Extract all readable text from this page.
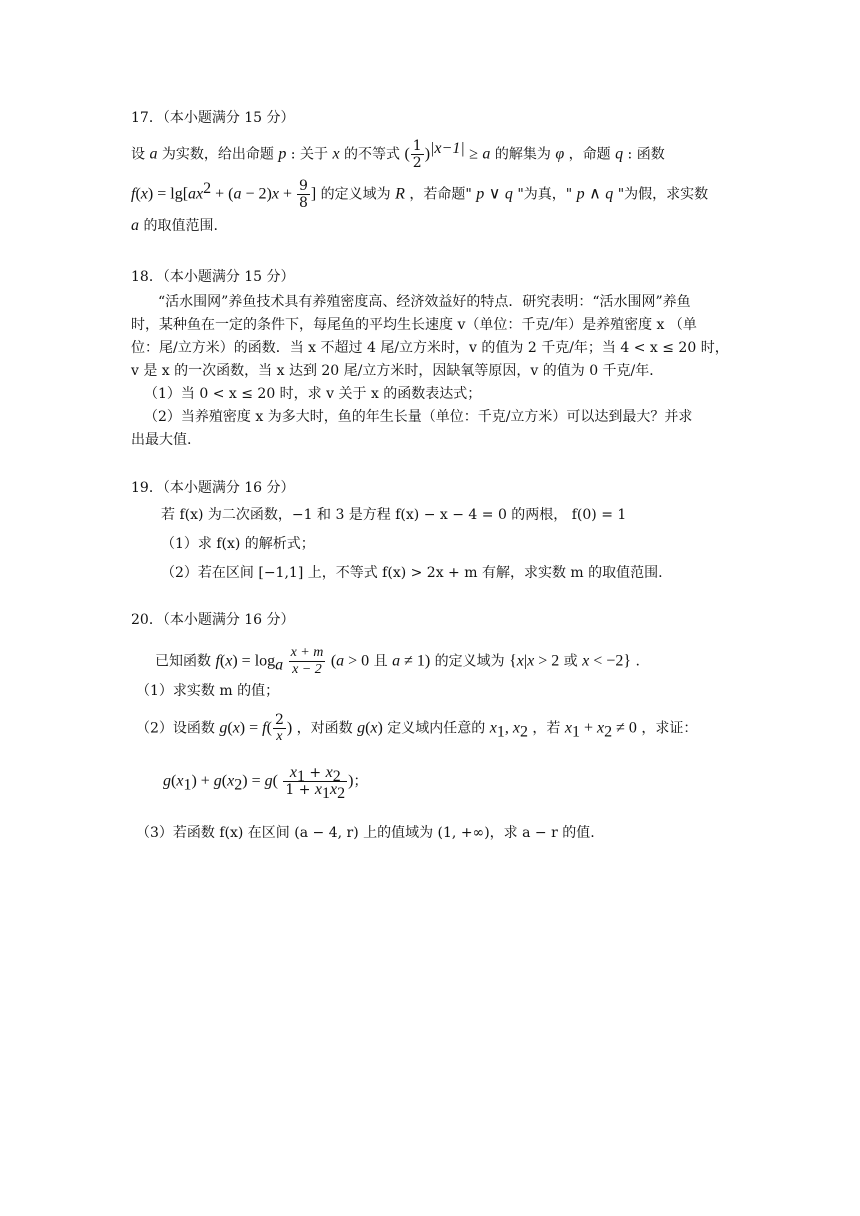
17．（本小题满分 15 分）
设 a 为实数，给出命题 p : 关于 x 的不等式 ( $\frac{1}{2} )^{|x-1|} \ge a$ 的解集为 φ ，命题 q : 函数
$f(x) = \lg[ax^2 + (a - 2)x + \frac{9}{8}$ ] 的定义域为 R ，若命题" p ∨ q "为真，" p ∧ q "为假，求实数
a 的取值范围.
18．（本小题满分 15 分）
“活水围网”养鱼技术具有养殖密度高、经济效益好的特点．研究表明：“活水围网”养鱼
时，某种鱼在一定的条件下，每尾鱼的平均生长速度 v（单位：千克/年）是养殖密度 x （单
位：尾/立方米）的函数．当 x 不超过 4 尾/立方米时，v 的值为 2 千克/年；当 4 < x ≤ 20 时，
v 是 x 的一次函数，当 x 达到 20 尾/立方米时，因缺氧等原因，v 的值为 0 千克/年．
（1）当 0 < x ≤ 20 时，求 v 关于 x 的函数表达式；
（2）当养殖密度 x 为多大时，鱼的年生长量（单位：千克/立方米）可以达到最大？并求
出最大值.
19．（本小题满分 16 分）
若 f(x) 为二次函数，−1 和 3 是方程 f(x) − x − 4 = 0 的两根， f(0) = 1
（1）求 f(x) 的解析式；
（2）若在区间 [−1,1] 上，不等式 f(x) > 2x + m 有解，求实数 m 的取值范围.
20．（本小题满分 16 分）
已知函数 $f(x) = \log_a \frac{x + m}{x - 2} (a > 0$ 且 a ≠ 1) 的定义域为 {x|x > 2 或 x < −2} .
（1）求实数 m 的值；
（2）设函数 $g(x) = f( \frac{2}{x}$ ) ，对函数 g(x) 定义域内任意的 $x_1$, $x_2$ ，若 $x_1 + x_2 \ne 0$ ，求证：
$g(x_1) + g(x_2) = g( \frac{x_1 + x_2}{1 + x_1x_2}$ )；
（3）若函数 f(x) 在区间 (a − 4, r) 上的值域为 (1, +∞)，求 a − r 的值.
